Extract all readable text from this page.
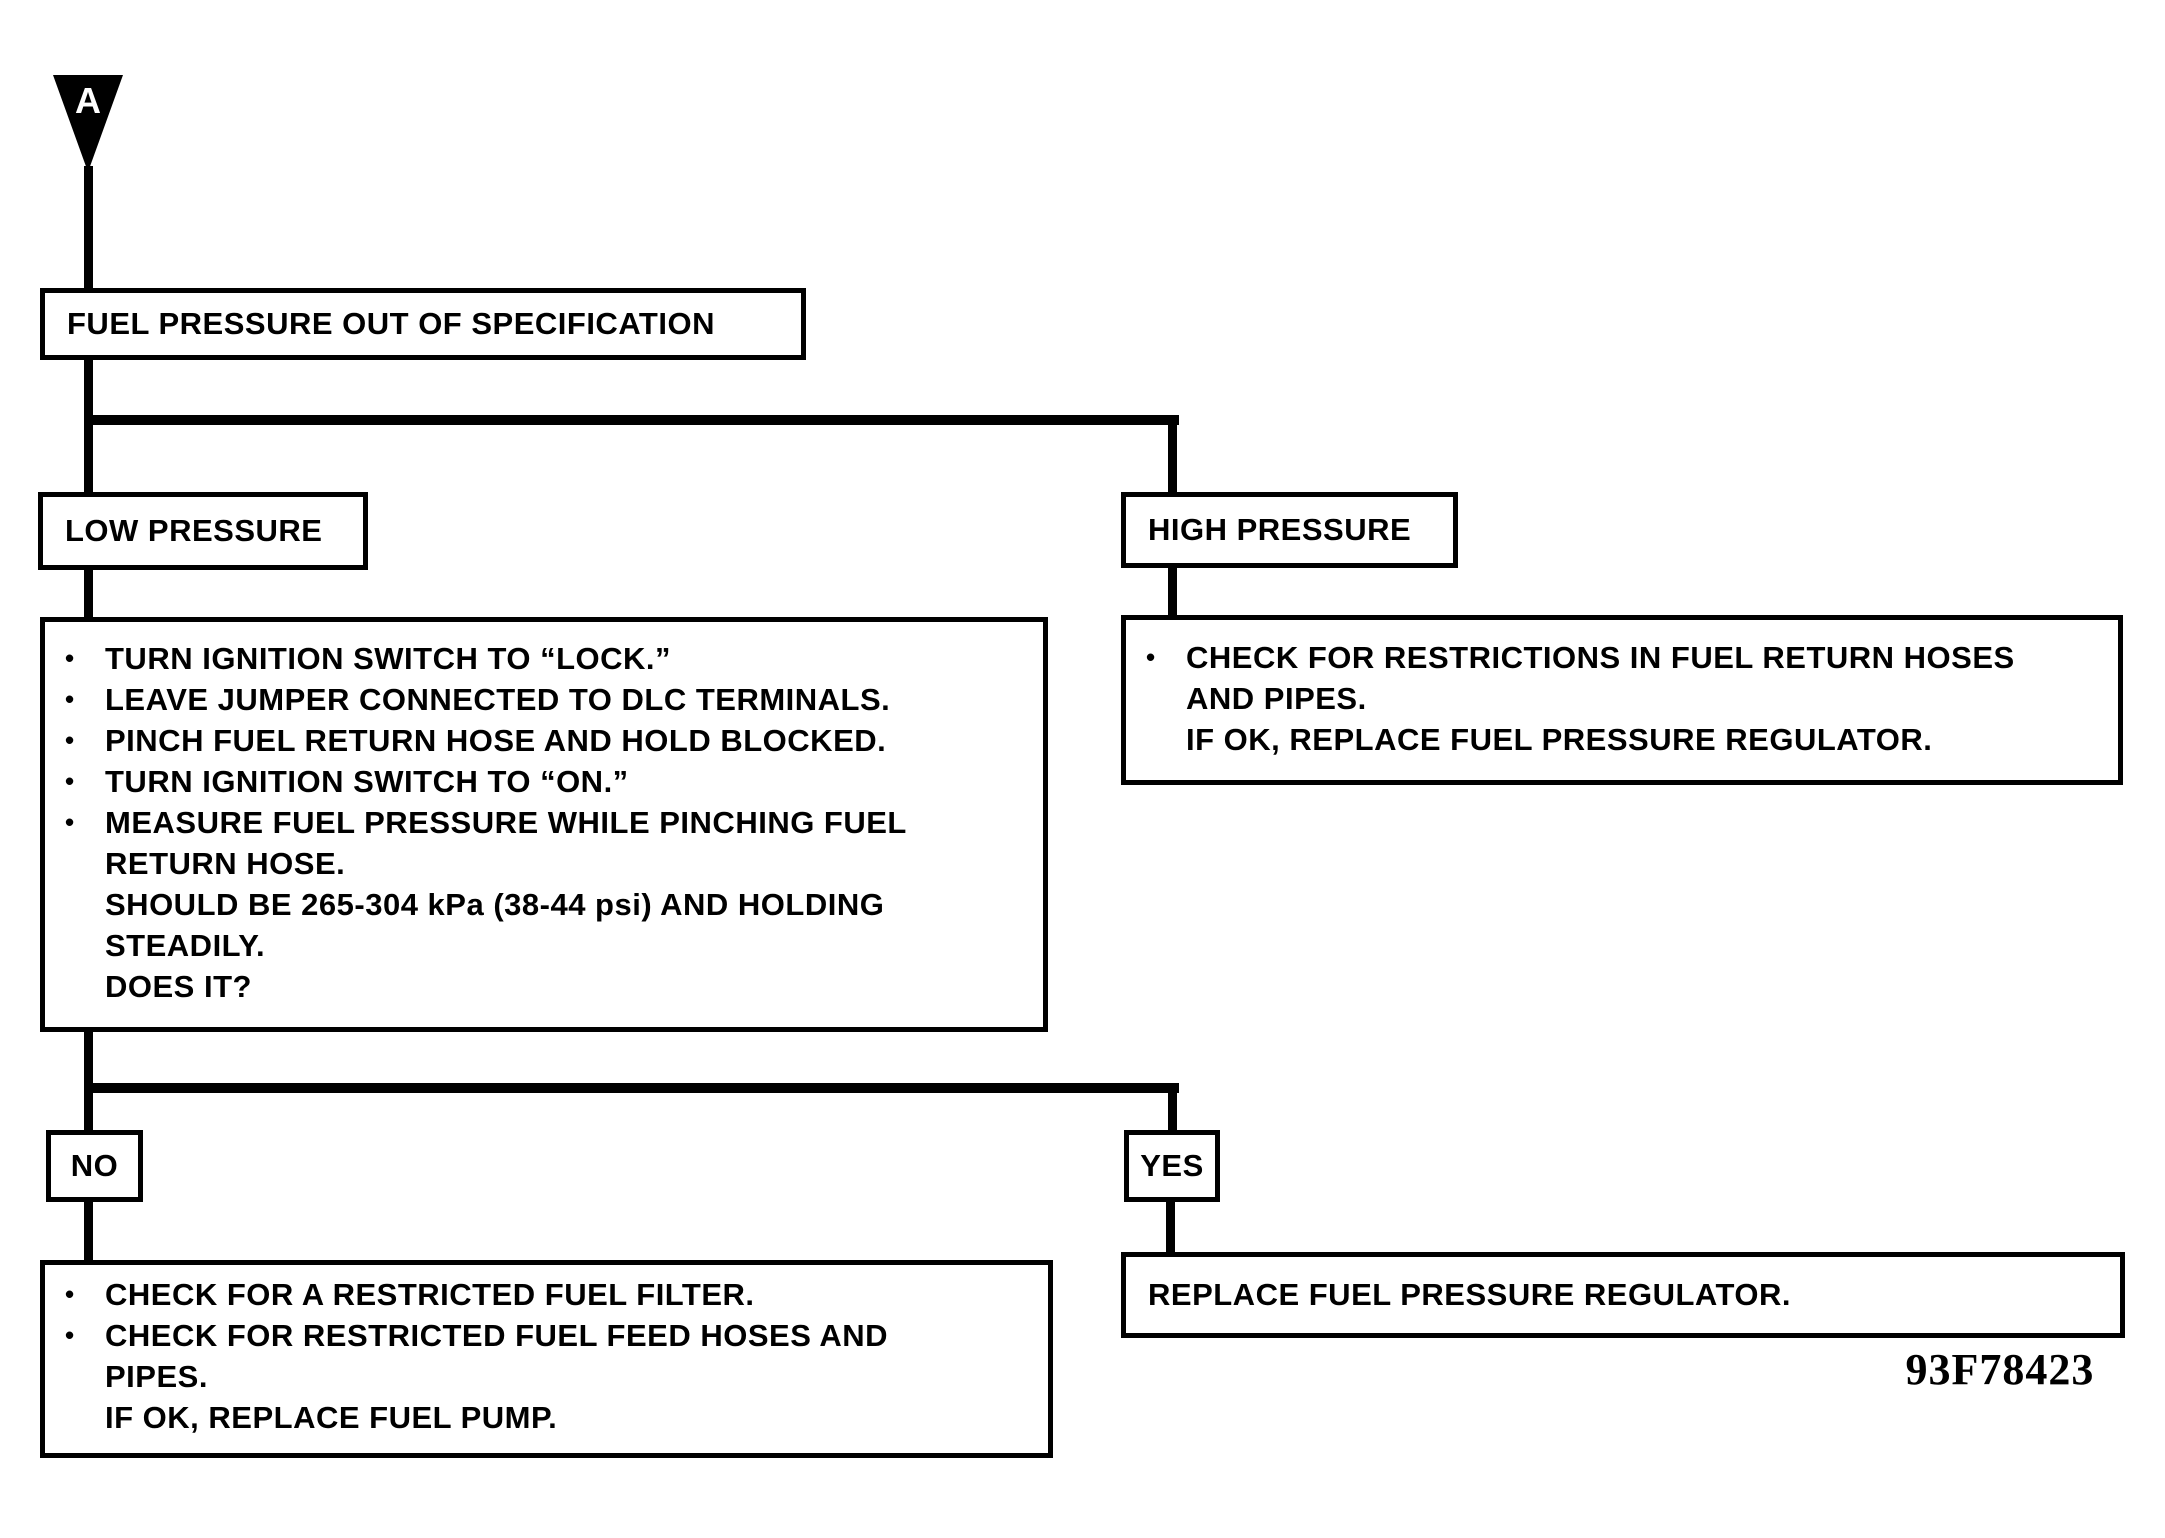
A
FUEL PRESSURE OUT OF SPECIFICATION
LOW PRESSURE	HIGH PRESSURE
• TURN IGNITION SWITCH TO “LOCK.”
• LEAVE JUMPER CONNECTED TO DLC TERMINALS.
• PINCH FUEL RETURN HOSE AND HOLD BLOCKED.
• TURN IGNITION SWITCH TO “ON.”
• MEASURE FUEL PRESSURE WHILE PINCHING FUEL
RETURN HOSE.
SHOULD BE 265-304 kPa (38-44 psi) AND HOLDING
STEADILY.
DOES IT?
• CHECK FOR RESTRICTIONS IN FUEL RETURN HOSES
AND PIPES.
IF OK, REPLACE FUEL PRESSURE REGULATOR.
NO	YES
• CHECK FOR A RESTRICTED FUEL FILTER.
• CHECK FOR RESTRICTED FUEL FEED HOSES AND
PIPES.
IF OK, REPLACE FUEL PUMP.
REPLACE FUEL PRESSURE REGULATOR.
93F78423
